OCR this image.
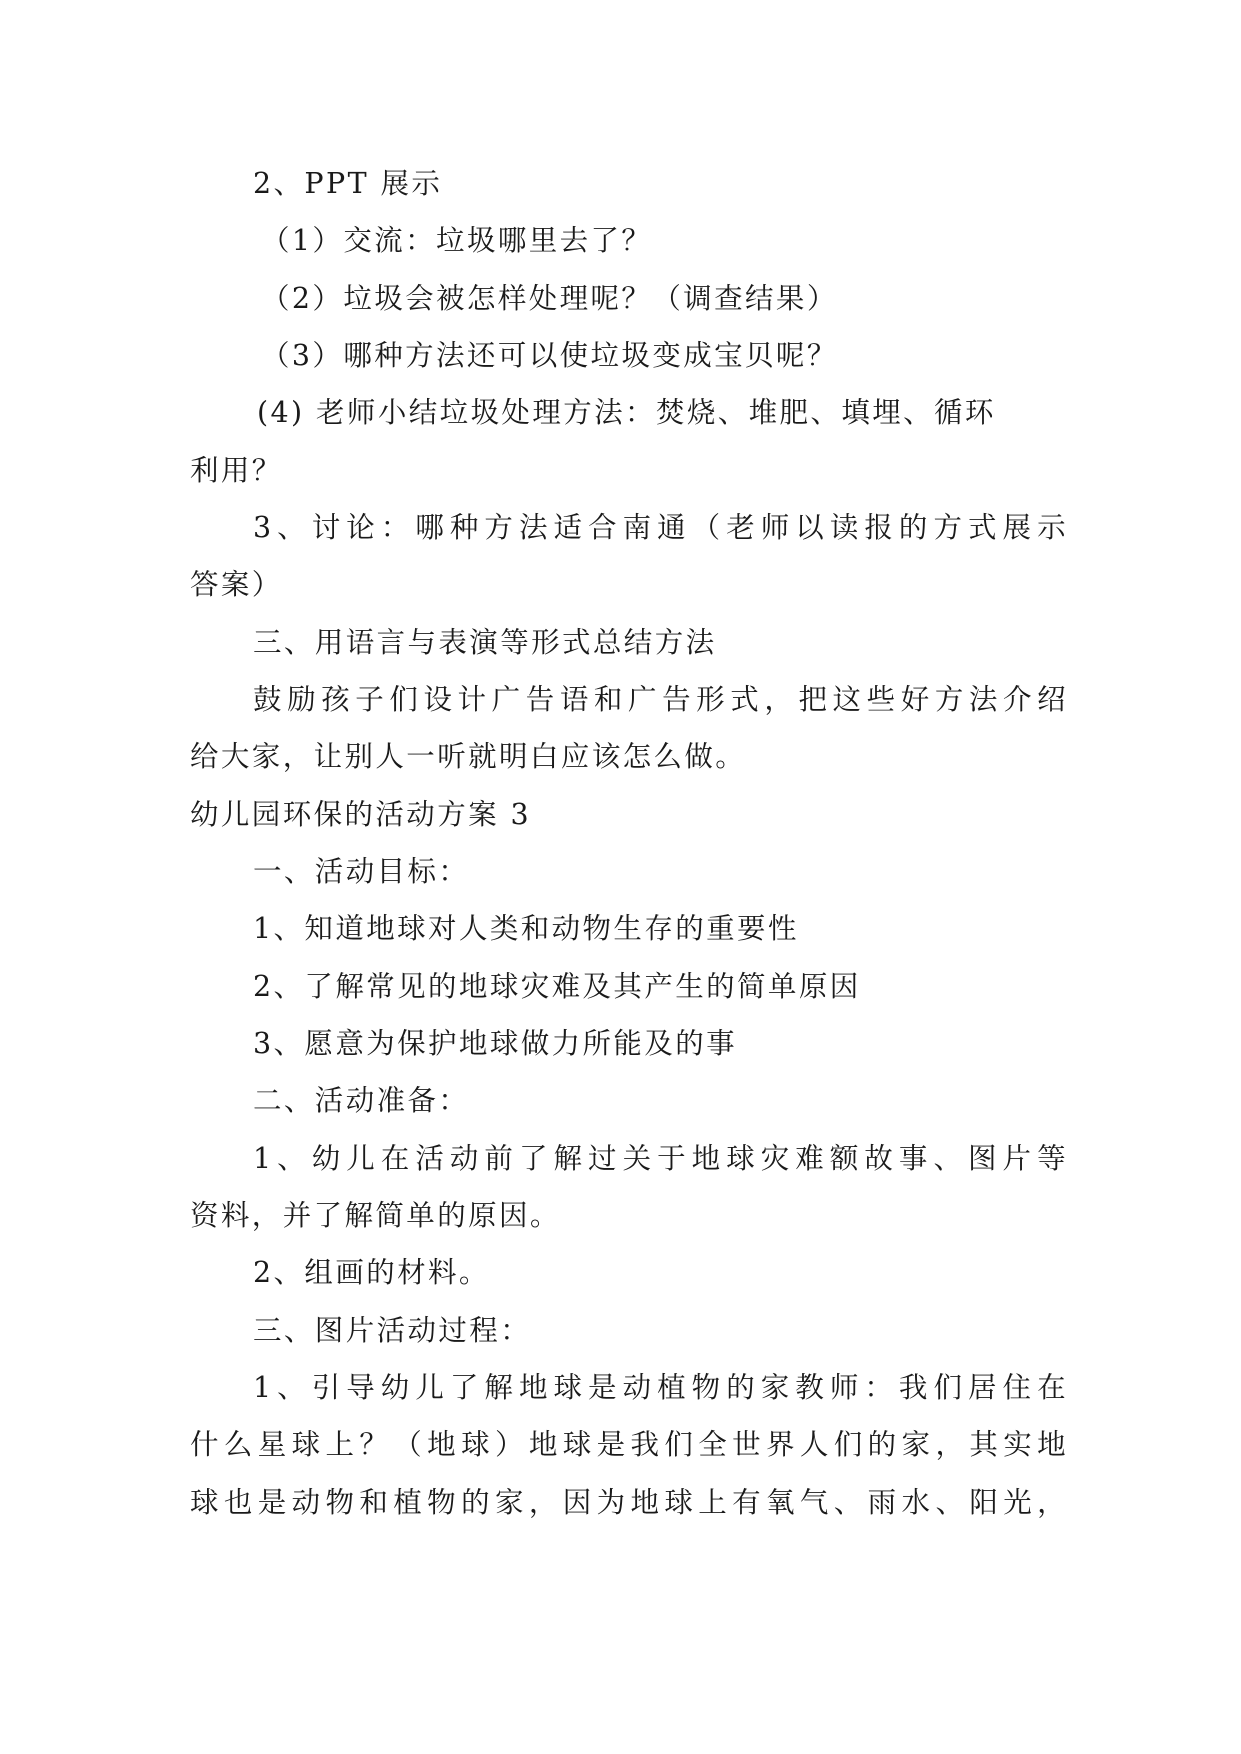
2、PPT 展示
（1）交流：垃圾哪里去了？
（2）垃圾会被怎样处理呢？（调查结果）
（3）哪种方法还可以使垃圾变成宝贝呢？
(4) 老师小结垃圾处理方法：焚烧、堆肥、填埋、循环
利用？
3、讨论：哪种方法适合南通（老师以读报的方式展示
答案）
三、用语言与表演等形式总结方法
鼓励孩子们设计广告语和广告形式，把这些好方法介绍
给大家，让别人一听就明白应该怎么做。
幼儿园环保的活动方案 3
一、活动目标：
1、知道地球对人类和动物生存的重要性
2、了解常见的地球灾难及其产生的简单原因
3、愿意为保护地球做力所能及的事
二、活动准备：
1、幼儿在活动前了解过关于地球灾难额故事、图片等
资料，并了解简单的原因。
2、组画的材料。
三、图片活动过程：
1、引导幼儿了解地球是动植物的家教师：我们居住在
什么星球上？（地球）地球是我们全世界人们的家，其实地
球也是动物和植物的家，因为地球上有氧气、雨水、阳光，
